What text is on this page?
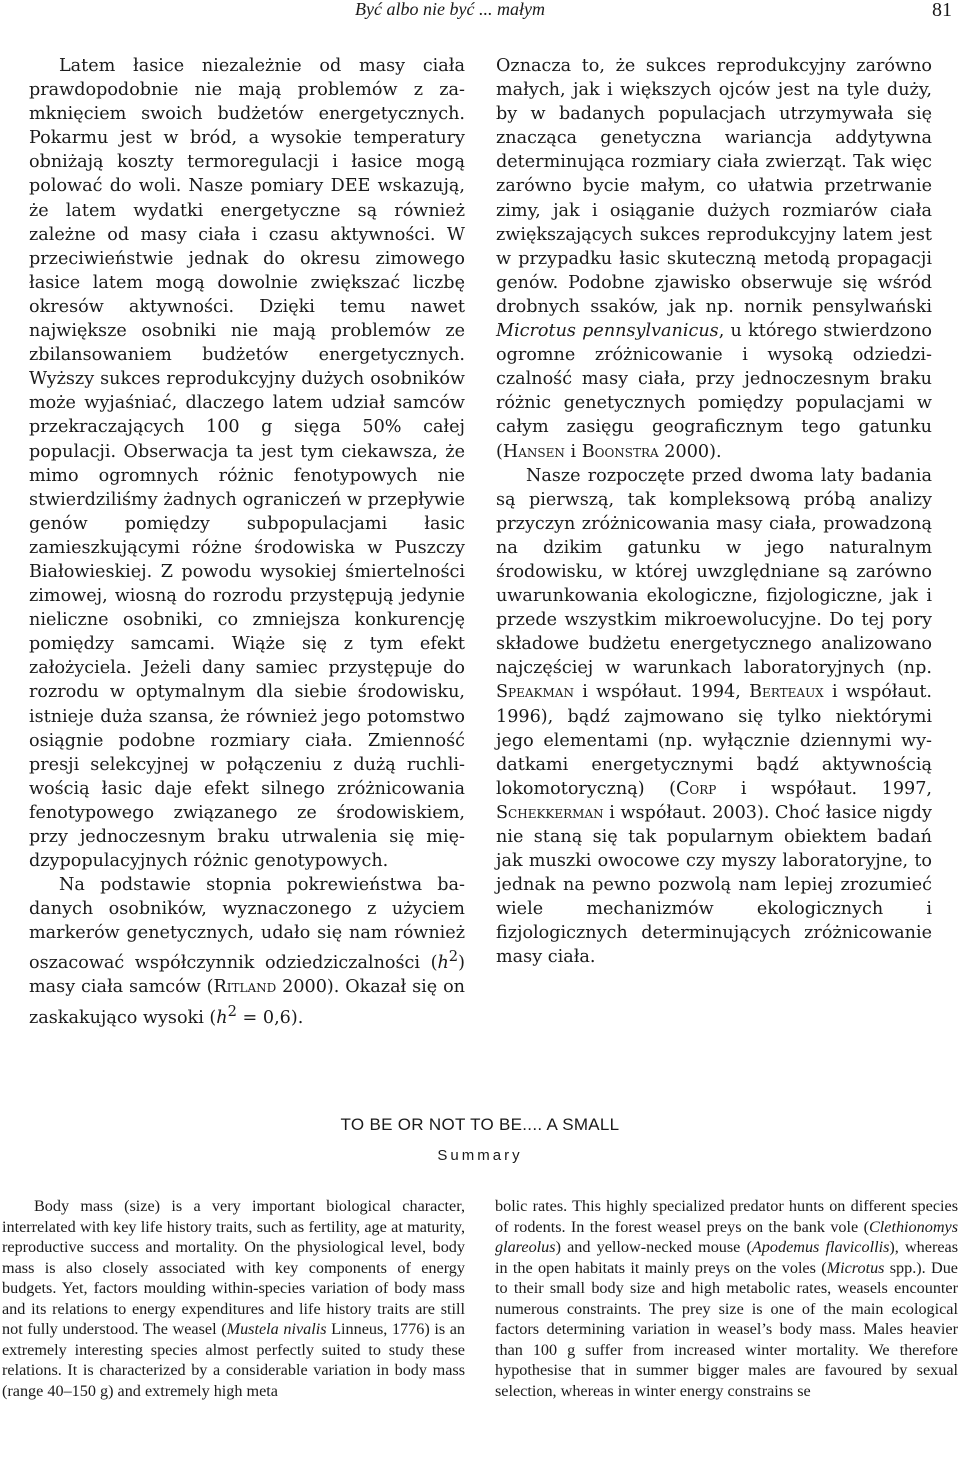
Być albo nie być ... małym	81

Latem łasice niezależnie od masy ciała prawdopodobnie nie mają problemów z zamknięciem swoich budżetów energetycznych. Pokarmu jest w bród, a wysokie temperatury obniżają koszty termoregulacji i łasice mogą polować do woli. Nasze pomiary DEE wskazują, że latem wydatki energetyczne są również zależne od masy ciała i czasu aktywności. W przeciwieństwie jednak do okresu zimowego łasice latem mogą dowolnie zwiększać liczbę okresów aktywności. Dzięki temu nawet największe osobniki nie mają problemów ze zbilansowaniem budżetów energetycznych. Wyższy sukces reprodukcyjny dużych osobników może wyjaśniać, dlaczego latem udział samców przekraczających 100 g sięga 50% całej populacji. Obserwacja ta jest tym ciekawsza, że mimo ogromnych różnic fenotypowych nie stwierdziliśmy żadnych ograniczeń w przepływie genów pomiędzy subpopulacjami łasic zamieszkującymi różne środowiska w Puszczy Białowieskiej. Z powodu wysokiej śmiertelności zimowej, wiosną do rozrodu przystępują jedynie nieliczne osobniki, co zmniejsza konkurencję pomiędzy samcami. Wiąże się z tym efekt założyciela. Jeżeli dany samiec przystępuje do rozrodu w optymalnym dla siebie środowisku, istnieje duża szansa, że również jego potomstwo osiągnie podobne rozmiary ciała. Zmienność presji selekcyjnej w połączeniu z dużą ruchliwością łasic daje efekt silnego zróżnicowania fenotypowego związanego ze środowiskiem, przy jednoczesnym braku utrwalenia się międzypopulacyjnych różnic genotypowych.

Na podstawie stopnia pokrewieństwa badanych osobników, wyznaczonego z użyciem markerów genetycznych, udało się nam również oszacować współczynnik odziedziczalności $(h^2)$ masy ciała samców (Ritland 2000). Okazał się on zaskakująco wysoki $(h^2 = 0,6)$.

Oznacza to, że sukces reprodukcyjny zarówno małych, jak i większych ojców jest na tyle duży, by w badanych populacjach utrzymywała się znacząca genetyczna wariancja addytywna determinująca rozmiary ciała zwierząt. Tak więc zarówno bycie małym, co ułatwia przetrwanie zimy, jak i osiąganie dużych rozmiarów ciała zwiększających sukces reprodukcyjny latem jest w przypadku łasic skuteczną metodą propagacji genów. Podobne zjawisko obserwuje się wśród drobnych ssaków, jak np. nornik pensylwański Microtus pennsylvanicus, u którego stwierdzono ogromne zróżnicowanie i wysoką odziedziczalność masy ciała, przy jednoczesnym braku różnic genetycznych pomiędzy populacjami w całym zasięgu geograficznym tego gatunku (Hansen i Boonstra 2000).

Nasze rozpoczęte przed dwoma laty badania są pierwszą, tak kompleksową próbą analizy przyczyn zróżnicowania masy ciała, prowadzoną na dzikim gatunku w jego naturalnym środowisku, w której uwzględniane są zarówno uwarunkowania ekologiczne, fizjologiczne, jak i przede wszystkim mikroewolucyjne. Do tej pory składowe budżetu energetycznego analizowano najczęściej w warunkach laboratoryjnych (np. Speakman i współaut. 1994, Berteaux i współaut. 1996), bądź zajmowano się tylko niektórymi jego elementami (np. wyłącznie dziennymi wydatkami energetycznymi bądź aktywnością lokomotoryczną) (Corp i współaut. 1997, Schekkerman i współaut. 2003). Choć łasice nigdy nie staną się tak popularnym obiektem badań jak muszki owocowe czy myszy laboratoryjne, to jednak na pewno pozwolą nam lepiej zrozumieć wiele mechanizmów ekologicznych i fizjologicznych determinujących zróżnicowanie masy ciała.

TO BE OR NOT TO BE.... A SMALL
Summary

Body mass (size) is a very important biological character, interrelated with key life history traits, such as fertility, age at maturity, reproductive success and mortality. On the physiological level, body mass is also closely associated with key components of energy budgets. Yet, factors moulding within-species variation of body mass and its relations to energy expenditures and life history traits are still not fully understood. The weasel (Mustela nivalis Linneus, 1776) is an extremely interesting species almost perfectly suited to study these relations. It is characterized by a considerable variation in body mass (range 40–150 g) and extremely high meta

bolic rates. This highly specialized predator hunts on different species of rodents. In the forest weasel preys on the bank vole (Clethionomys glareolus) and yellow-necked mouse (Apodemus flavicollis), whereas in the open habitats it mainly preys on the voles (Microtus spp.). Due to their small body size and high metabolic rates, weasels encounter numerous constraints. The prey size is one of the main ecological factors determining variation in weasel’s body mass. Males heavier than 100 g suffer from increased winter mortality. We therefore hypothesise that in summer bigger males are favoured by sexual selection, whereas in winter energy constrains se
